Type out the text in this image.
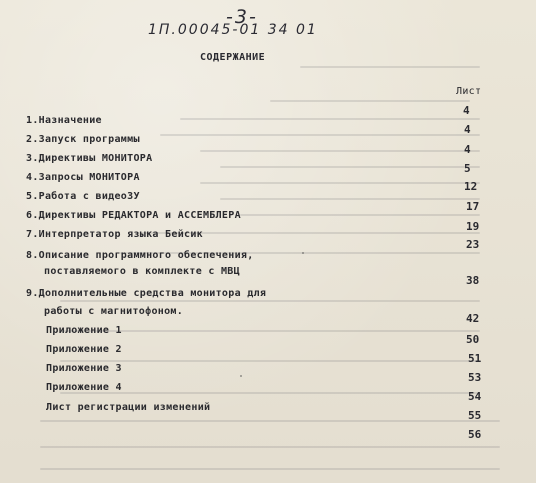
-3-
1П.00045-01 34 01
СОДЕРЖАНИЕ
Лист
4
1.Назначение
4
2.Запуск программы
4
3.Директивы МОНИТОРА
5
4.Запросы МОНИТОРА
12
5.Работа с видеоЗУ
17
6.Директивы РЕДАКТОРА и АССЕМБЛЕРА
19
7.Интерпретатор языка Бейсик
23
8.Описание программного обеспечения,
поставляемого в комплекте с МВЦ
38
9.Дополнительные средства монитора для
работы с магнитофоном.
42
50
Приложение 1
51
Приложение 2
53
Приложение 3
54
Приложение 4
55
Лист регистрации изменений
56
